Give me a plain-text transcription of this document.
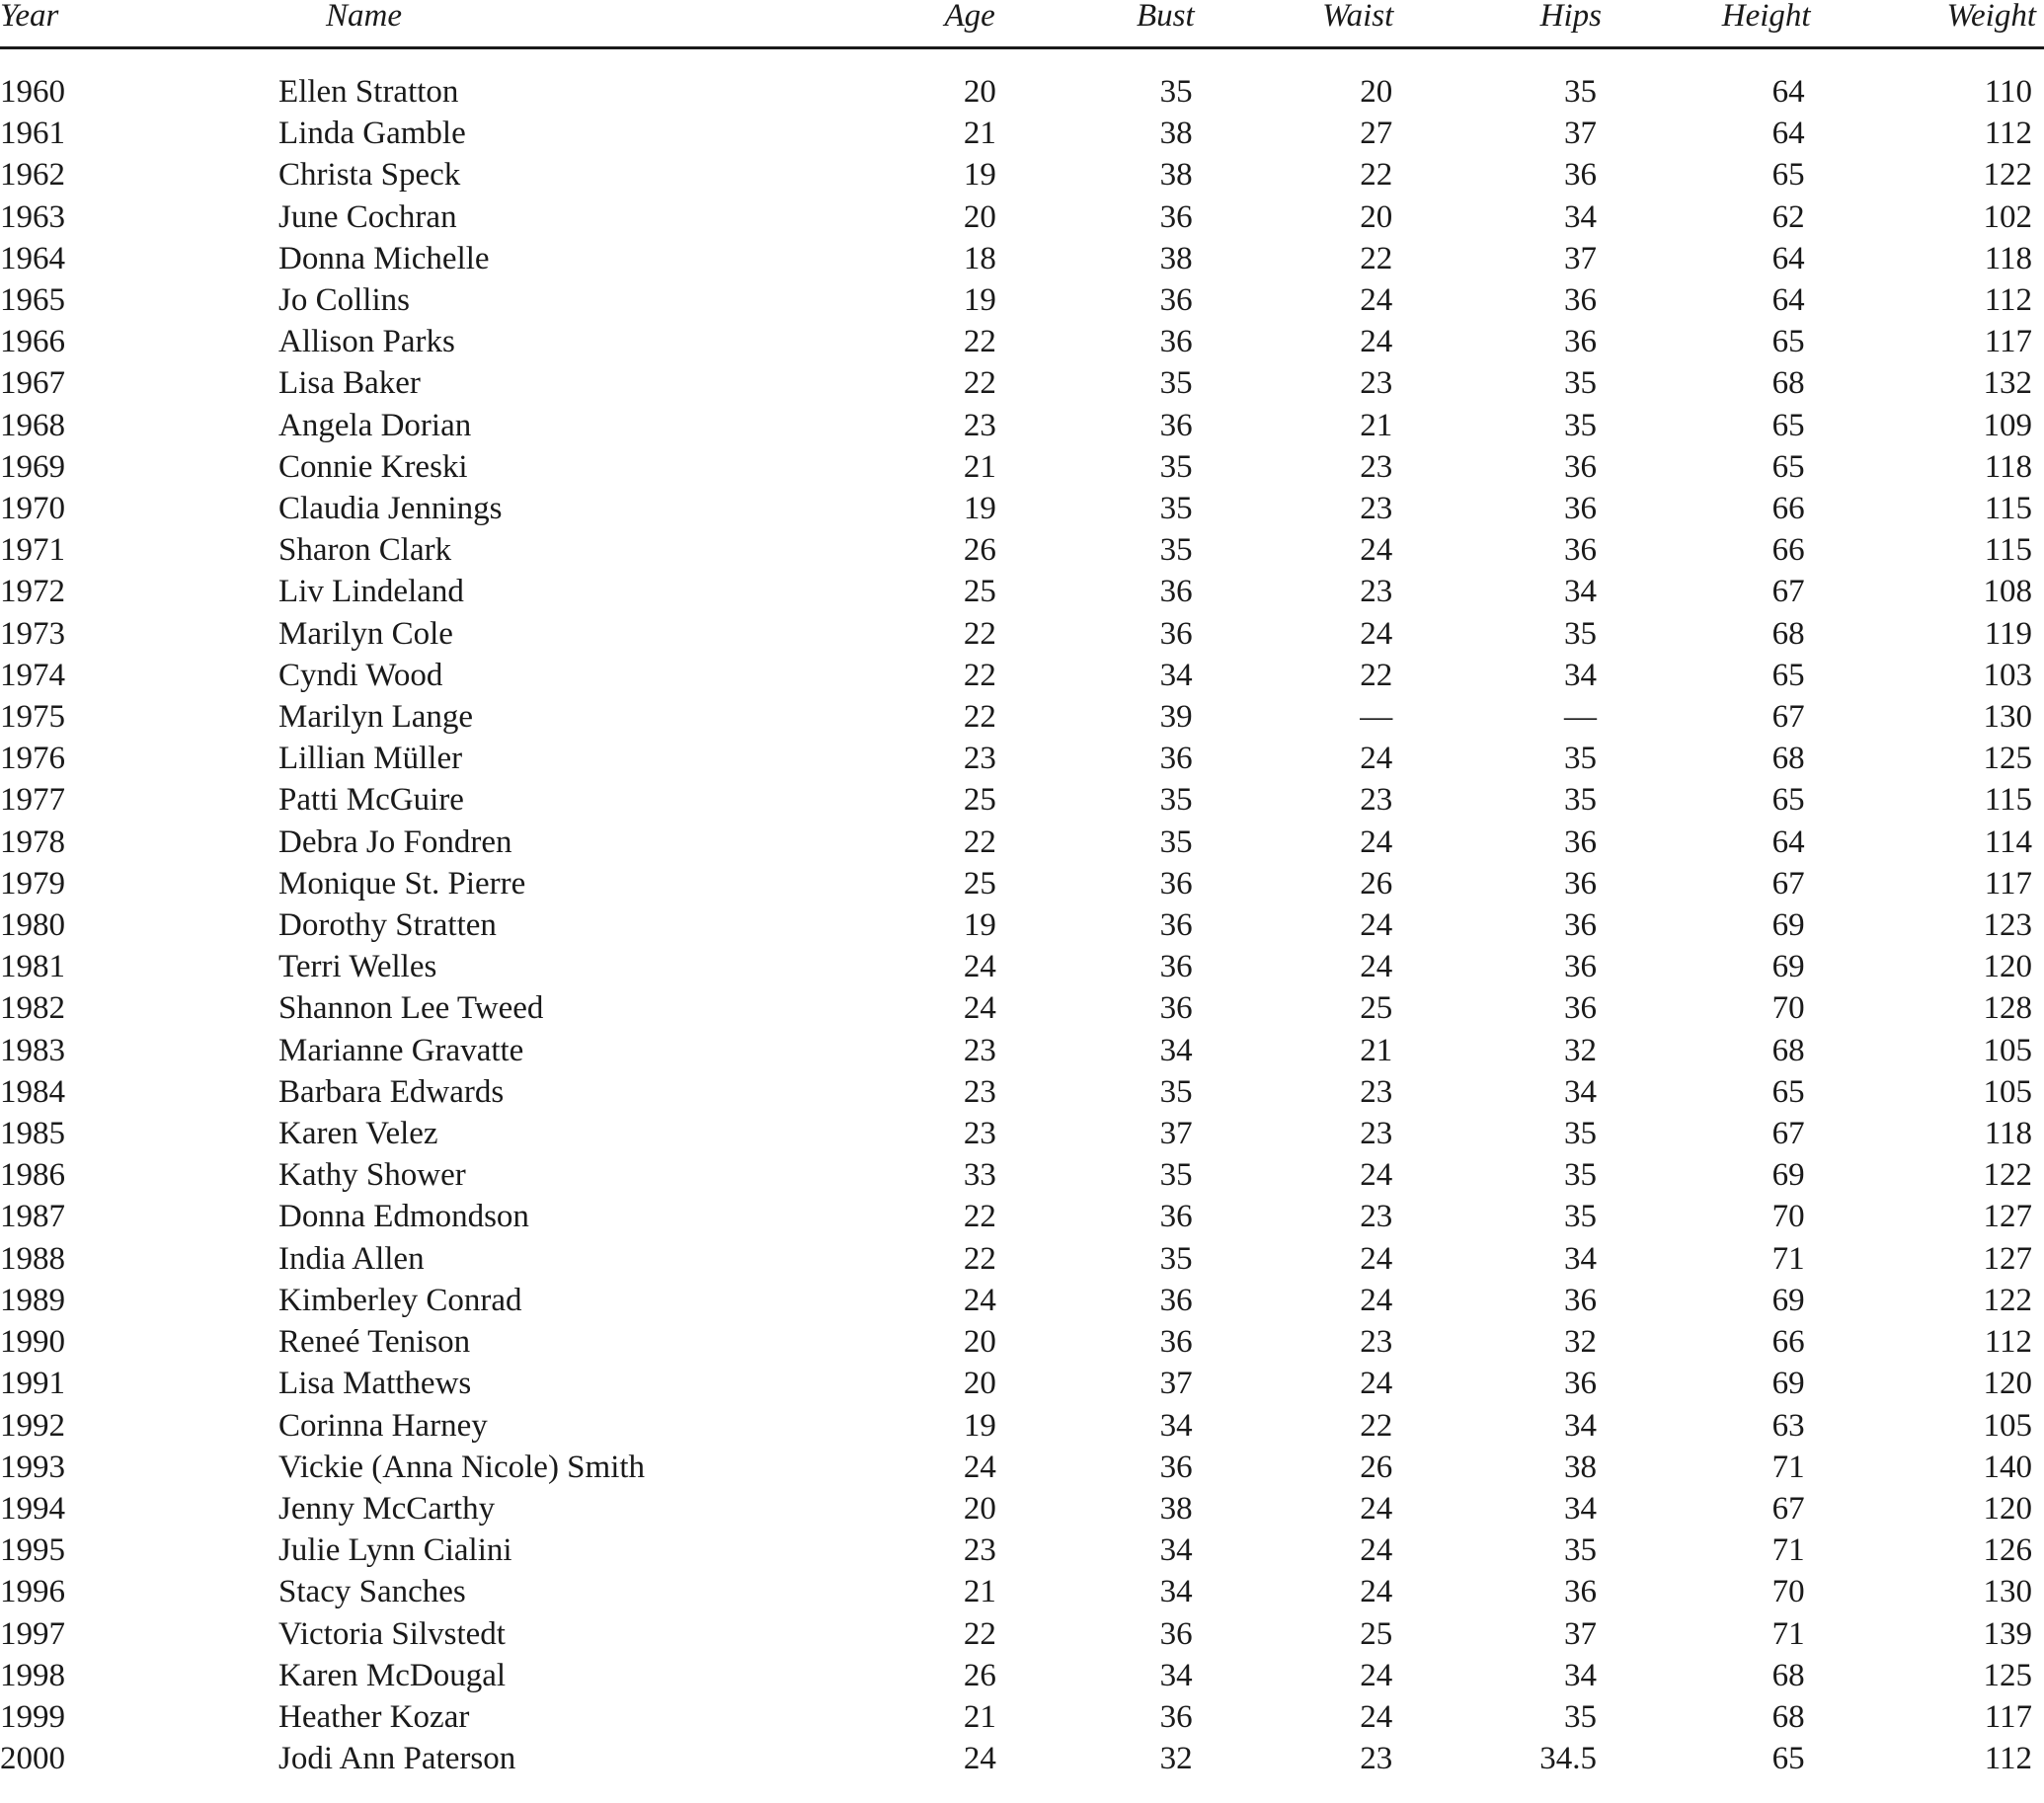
Year	Name	Age	Bust	Waist	Hips	Height	Weight
1960	Ellen Stratton	20	35	20	35	64	110
1961	Linda Gamble	21	38	27	37	64	112
1962	Christa Speck	19	38	22	36	65	122
1963	June Cochran	20	36	20	34	62	102
1964	Donna Michelle	18	38	22	37	64	118
1965	Jo Collins	19	36	24	36	64	112
1966	Allison Parks	22	36	24	36	65	117
1967	Lisa Baker	22	35	23	35	68	132
1968	Angela Dorian	23	36	21	35	65	109
1969	Connie Kreski	21	35	23	36	65	118
1970	Claudia Jennings	19	35	23	36	66	115
1971	Sharon Clark	26	35	24	36	66	115
1972	Liv Lindeland	25	36	23	34	67	108
1973	Marilyn Cole	22	36	24	35	68	119
1974	Cyndi Wood	22	34	22	34	65	103
1975	Marilyn Lange	22	39	—	—	67	130
1976	Lillian Müller	23	36	24	35	68	125
1977	Patti McGuire	25	35	23	35	65	115
1978	Debra Jo Fondren	22	35	24	36	64	114
1979	Monique St. Pierre	25	36	26	36	67	117
1980	Dorothy Stratten	19	36	24	36	69	123
1981	Terri Welles	24	36	24	36	69	120
1982	Shannon Lee Tweed	24	36	25	36	70	128
1983	Marianne Gravatte	23	34	21	32	68	105
1984	Barbara Edwards	23	35	23	34	65	105
1985	Karen Velez	23	37	23	35	67	118
1986	Kathy Shower	33	35	24	35	69	122
1987	Donna Edmondson	22	36	23	35	70	127
1988	India Allen	22	35	24	34	71	127
1989	Kimberley Conrad	24	36	24	36	69	122
1990	Reneé Tenison	20	36	23	32	66	112
1991	Lisa Matthews	20	37	24	36	69	120
1992	Corinna Harney	19	34	22	34	63	105
1993	Vickie (Anna Nicole) Smith	24	36	26	38	71	140
1994	Jenny McCarthy	20	38	24	34	67	120
1995	Julie Lynn Cialini	23	34	24	35	71	126
1996	Stacy Sanches	21	34	24	36	70	130
1997	Victoria Silvstedt	22	36	25	37	71	139
1998	Karen McDougal	26	34	24	34	68	125
1999	Heather Kozar	21	36	24	35	68	117
2000	Jodi Ann Paterson	24	32	23	34.5	65	112
